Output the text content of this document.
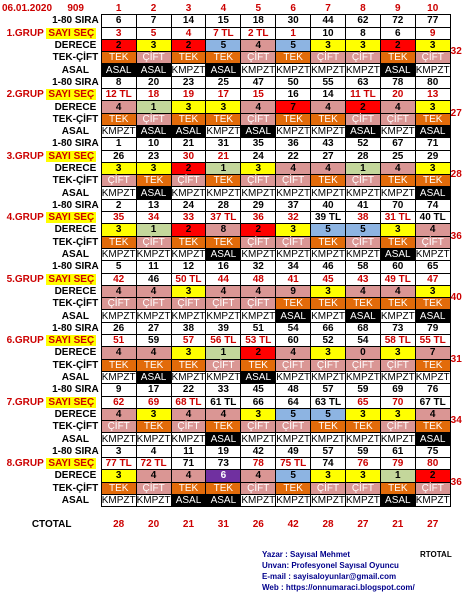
06.01.2020	909	1	2	3	4	5	6	7	8	9	10	
	1-80 SIRA	6	7	14	15	18	30	44	62	72	77	
1.GRUP SAYI SEÇ		3	5	4	7 TL	2 TL	1	10	8	6	9	
	DERECE	2	3	2	5	4	5	3	3	2	3	32
	TEK-ÇİFT	TEK	ÇİFT	TEK	TEK	ÇİFT	TEK	ÇİFT	ÇİFT	TEK	ÇİFT	
	ASAL	ASAL	ASAL	KMPZT	ASAL	KMPZT	KMPZT	KMPZT	KMPZT	ASAL	KMPZT	
	1-80 SIRA	8	20	23	25	47	50	55	63	78	80	
2.GRUP SAYI SEÇ		12 TL	18	19	17	15	16	14	11 TL	20	13	
	DERECE	4	1	3	3	4	7	4	2	4	3	27
	TEK-ÇİFT	TEK	ÇİFT	TEK	TEK	ÇİFT	TEK	TEK	ÇİFT	ÇİFT	TEK	
	ASAL	KMPZT	ASAL	ASAL	KMPZT	ASAL	KMPZT	KMPZT	ASAL	KMPZT	ASAL	
	1-80 SIRA	1	10	21	31	35	36	43	52	67	71	
3.GRUP SAYI SEÇ		26	23	30	21	24	22	27	28	25	29	
	DERECE	3	3	2	1	3	4	4	1	4	3	28
	TEK-ÇİFT	ÇİFT	TEK	ÇİFT	TEK	ÇİFT	ÇİFT	TEK	ÇİFT	TEK	TEK	
	ASAL	KMPZT	ASAL	KMPZT	KMPZT	KMPZT	KMPZT	KMPZT	KMPZT	KMPZT	ASAL	
	1-80 SIRA	2	13	24	28	29	37	40	41	70	74	
4.GRUP SAYI SEÇ		35	34	33	37 TL	36	32	39 TL	38	31 TL	40 TL	
	DERECE	3	1	2	8	2	3	5	5	3	4	36
	TEK-ÇİFT	TEK	ÇİFT	TEK	TEK	ÇİFT	ÇİFT	TEK	ÇİFT	TEK	ÇİFT	
	ASAL	KMPZT	KMPZT	KMPZT	ASAL	KMPZT	KMPZT	KMPZT	KMPZT	ASAL	KMPZT	
	1-80 SIRA	5	11	12	16	32	34	46	58	60	65	
5.GRUP SAYI SEÇ		42	46	50 TL	44	48	41	45	43	49 TL	47	
	DERECE	4	4	3	4	4	9	3	4	4	3	40
	TEK-ÇİFT	ÇİFT	ÇİFT	ÇİFT	ÇİFT	ÇİFT	TEK	TEK	TEK	TEK	TEK	
	ASAL	KMPZT	KMPZT	KMPZT	KMPZT	KMPZT	ASAL	KMPZT	ASAL	KMPZT	ASAL	
	1-80 SIRA	26	27	38	39	51	54	66	68	73	79	
6.GRUP SAYI SEÇ		51	59	57	56 TL	53 TL	60	52	54	58 TL	55 TL	
	DERECE	4	4	3	1	2	4	3	0	3	7	31
	TEK-ÇİFT	TEK	TEK	TEK	ÇİFT	TEK	ÇİFT	ÇİFT	ÇİFT	ÇİFT	TEK	
	ASAL	KMPZT	ASAL	KMPZT	KMPZT	ASAL	KMPZT	KMPZT	KMPZT	KMPZT	KMPZT	
	1-80 SIRA	9	17	22	33	45	48	57	59	69	76	
7.GRUP SAYI SEÇ		62	69	68 TL	61 TL	66	64	63 TL	65	70	67 TL	
	DERECE	4	3	4	4	3	5	5	3	3	4	34
	TEK-ÇİFT	ÇİFT	TEK	ÇİFT	TEK	ÇİFT	ÇİFT	TEK	TEK	ÇİFT	TEK	
	ASAL	KMPZT	KMPZT	KMPZT	ASAL	KMPZT	KMPZT	KMPZT	KMPZT	KMPZT	ASAL	
	1-80 SIRA	3	4	11	19	42	49	57	59	61	75	
8.GRUP SAYI SEÇ		77 TL	72 TL	71	73	78	75 TL	74	76	79	80	
	DERECE	3	4	4	6	4	5	3	3	1	2	36
	TEK-ÇİFT	TEK	ÇİFT	TEK	TEK	ÇİFT	TEK	ÇİFT	ÇİFT	TEK	ÇİFT	
	ASAL	KMPZT	KMPZT	ASAL	ASAL	KMPZT	KMPZT	KMPZT	KMPZT	ASAL	KMPZT	

CTOTAL		28	20	21	31	26	42	28	27	21	27	
Yazar : Sayısal Mehmet
Unvan: Profesyonel Sayısal Oyuncu
E-mail : sayisaloyunlar@gmail.com
Web : https://onnumaraci.blogspot.com/
RTOTAL
